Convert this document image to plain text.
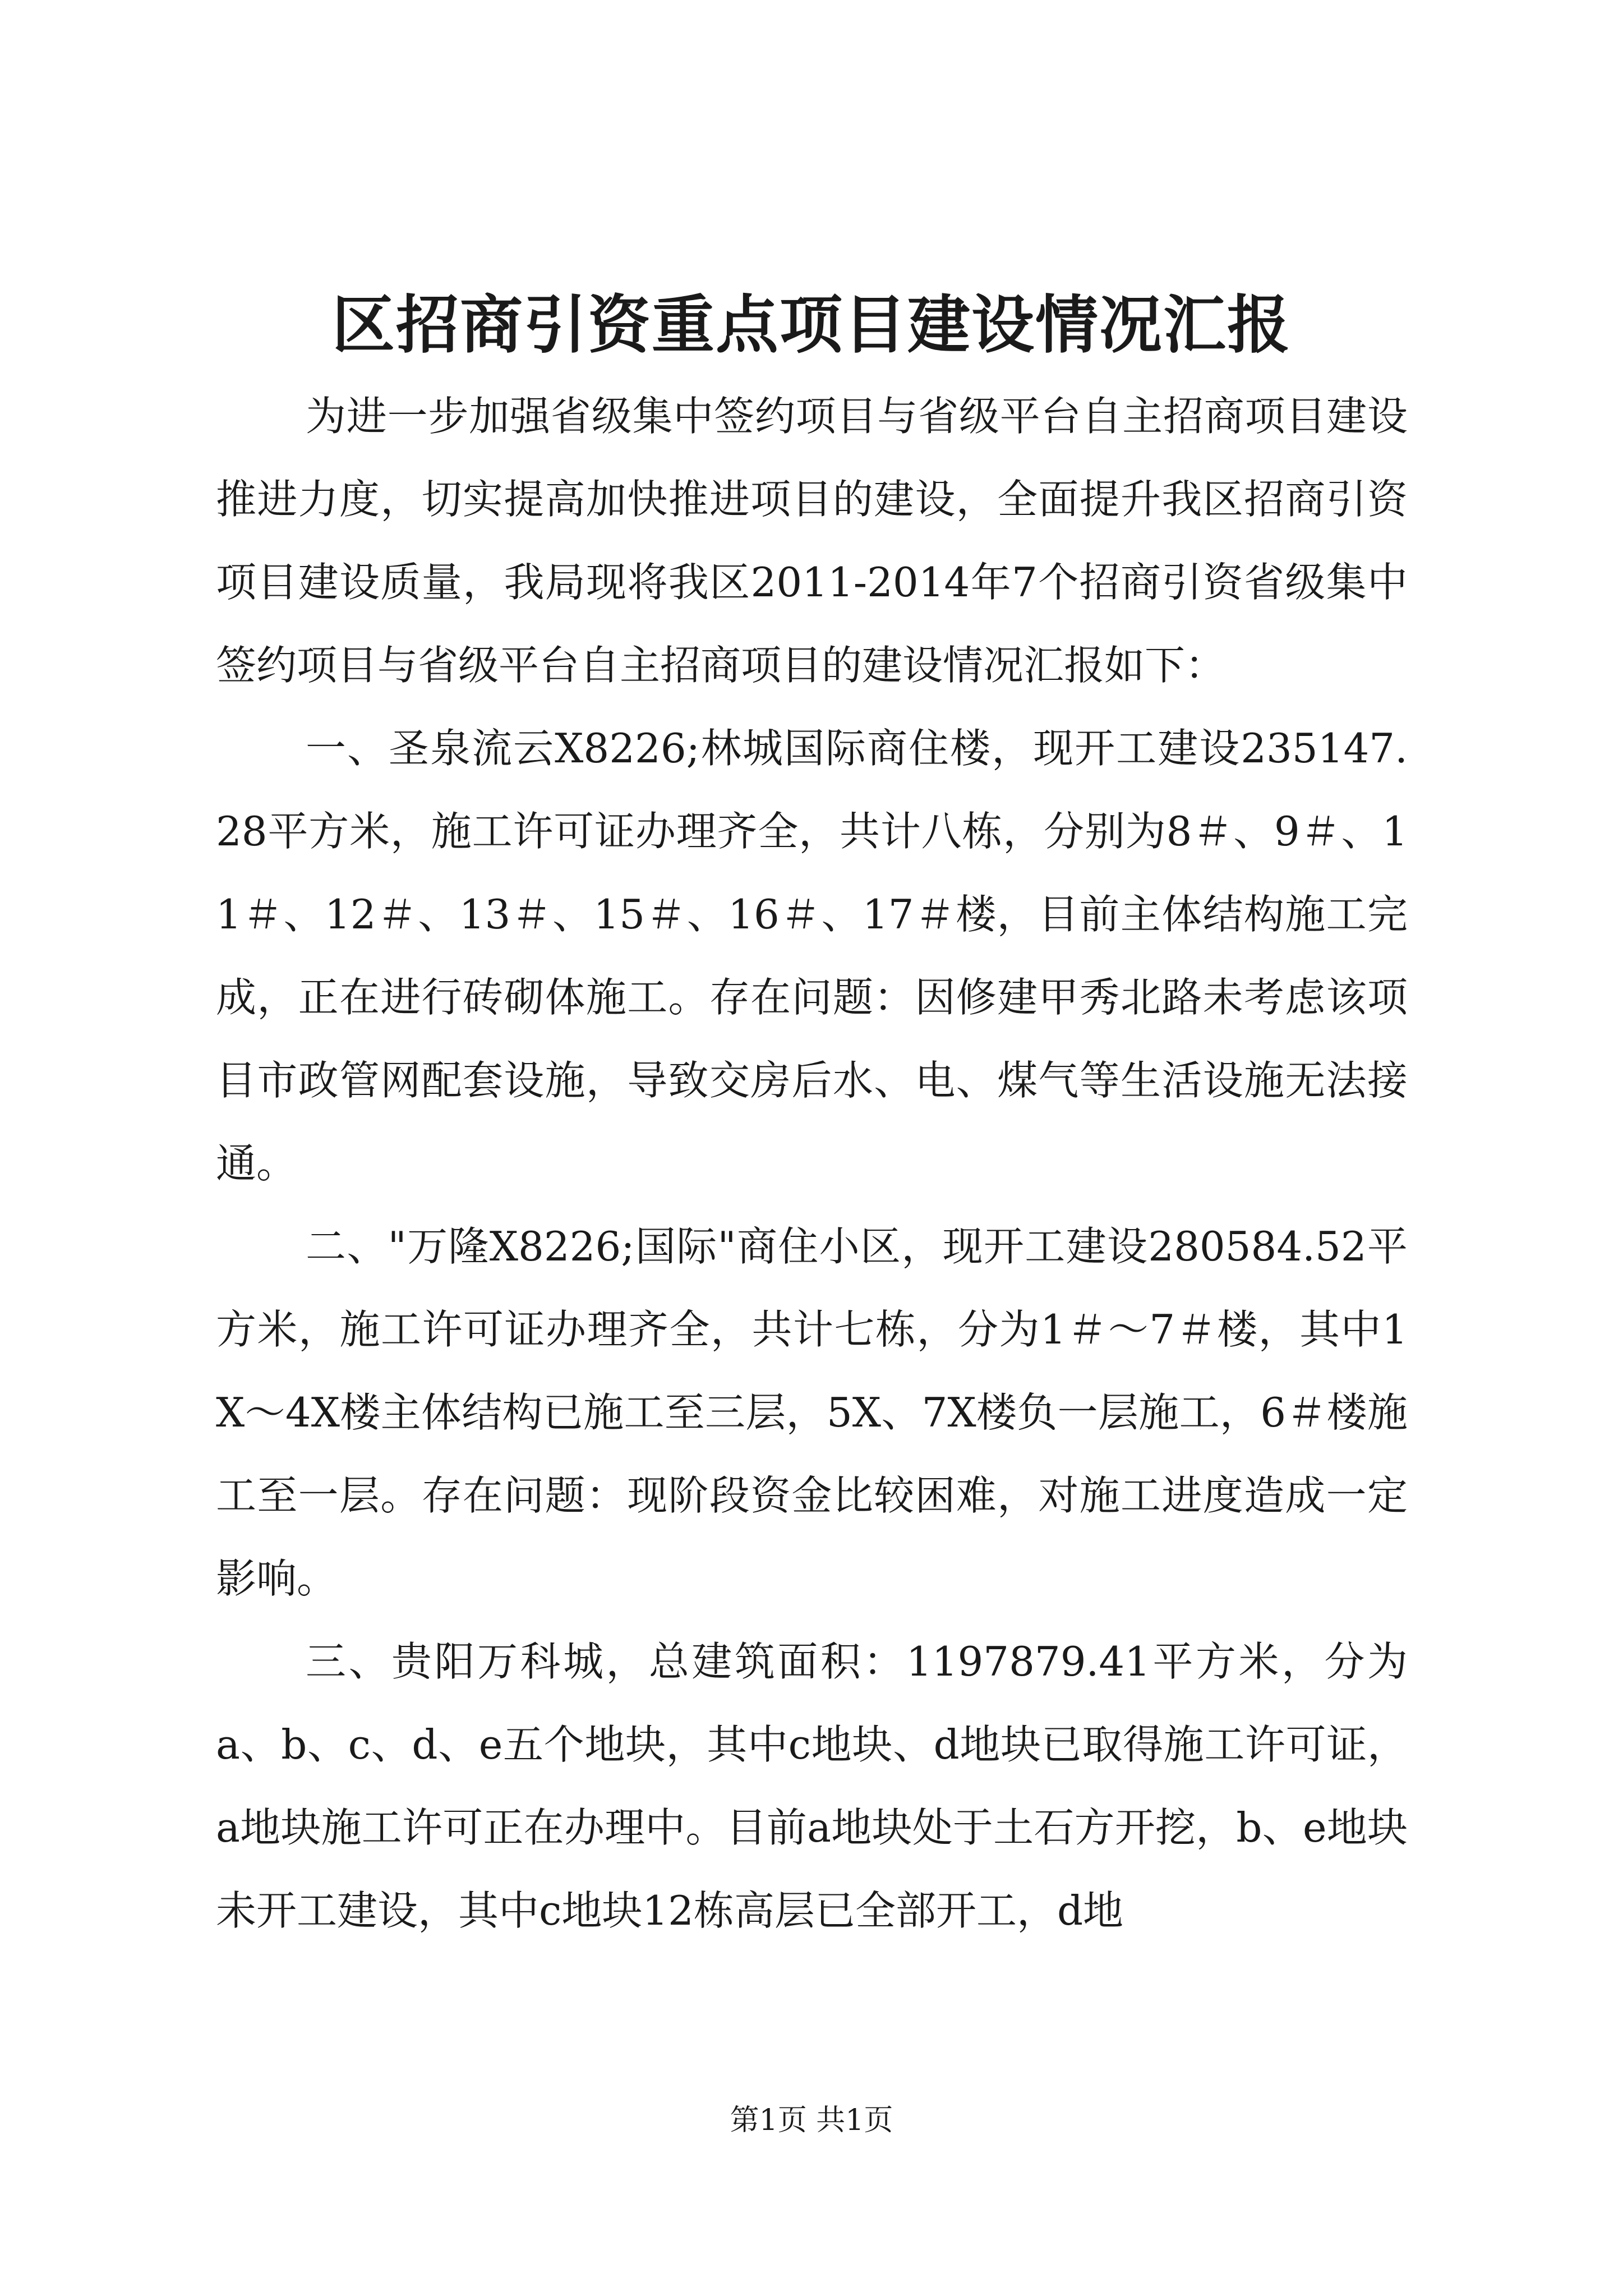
区招商引资重点项目建设情况汇报

为进一步加强省级集中签约项目与省级平台自主招商项目建设推进力度，切实提高加快推进项目的建设，全面提升我区招商引资项目建设质量，我局现将我区2011-2014年7个招商引资省级集中签约项目与省级平台自主招商项目的建设情况汇报如下：

一、圣泉流云X8226;林城国际商住楼，现开工建设235147.28平方米，施工许可证办理齐全，共计八栋，分别为8＃、9＃、11＃、12＃、13＃、15＃、16＃、17＃楼，目前主体结构施工完成，正在进行砖砌体施工。存在问题：因修建甲秀北路未考虑该项目市政管网配套设施，导致交房后水、电、煤气等生活设施无法接通。

二、"万隆X8226;国际"商住小区，现开工建设280584.52平方米，施工许可证办理齐全，共计七栋，分为1＃～7＃楼，其中1X～4X楼主体结构已施工至三层，5X、7X楼负一层施工，6＃楼施工至一层。存在问题：现阶段资金比较困难，对施工进度造成一定影响。

三、贵阳万科城，总建筑面积：1197879.41平方米，分为a、b、c、d、e五个地块，其中c地块、d地块已取得施工许可证，a地块施工许可正在办理中。目前a地块处于土石方开挖，b、e地块未开工建设，其中c地块12栋高层已全部开工，d地

第1页 共1页
